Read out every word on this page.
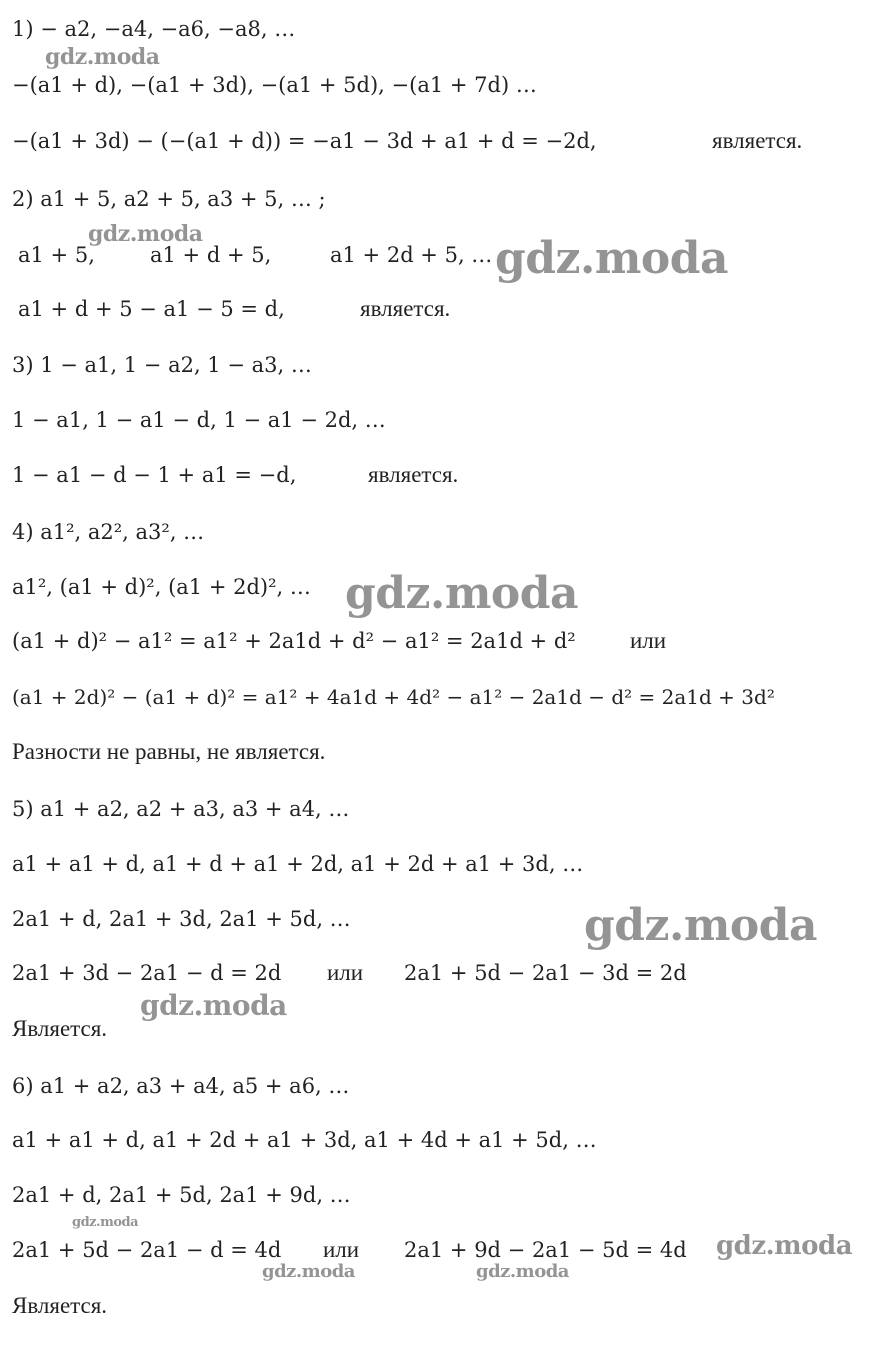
1) − a2, −a4, −a6, −a8, …
−(a1 + d), −(a1 + 3d), −(a1 + 5d), −(a1 + 7d) …
−(a1 + 3d) − (−(a1 + d)) = −a1 − 3d + a1 + d = −2d,	является.
2) a1 + 5, a2 + 5, a3 + 5, … ;
a1 + 5,	a1 + d + 5,	a1 + 2d + 5, …
a1 + d + 5 − a1 − 5 = d,	является.
3) 1 − a1, 1 − a2, 1 − a3, …
1 − a1, 1 − a1 − d, 1 − a1 − 2d, …
1 − a1 − d − 1 + a1 = −d,	является.
4) a1², a2², a3², …
a1², (a1 + d)², (a1 + 2d)², …
(a1 + d)² − a1² = a1² + 2a1d + d² − a1² = 2a1d + d² или
(a1 + 2d)² − (a1 + d)² = a1² + 4a1d + 4d² − a1² − 2a1d − d² = 2a1d + 3d²
Разности не равны, не является.
5) a1 + a2, a2 + a3, a3 + a4, …
a1 + a1 + d, a1 + d + a1 + 2d, a1 + 2d + a1 + 3d, …
2a1 + d, 2a1 + 3d, 2a1 + 5d, …
2a1 + 3d − 2a1 − d = 2d или 2a1 + 5d − 2a1 − 3d = 2d
Является.
6) a1 + a2, a3 + a4, a5 + a6, …
a1 + a1 + d, a1 + 2d + a1 + 3d, a1 + 4d + a1 + 5d, …
2a1 + d, 2a1 + 5d, 2a1 + 9d, …
2a1 + 5d − 2a1 − d = 4d или 2a1 + 9d − 2a1 − 5d = 4d
Является.
gdz.moda
gdz.moda	gdz.moda
gdz.moda
gdz.moda
gdz.moda
gdz.moda
gdz.moda
gdz.moda	gdz.moda
